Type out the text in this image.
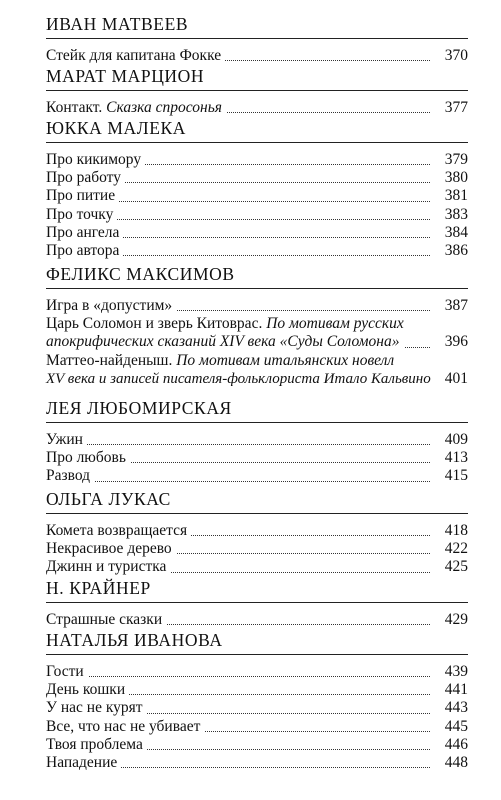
ИВАН МАТВЕЕВ
Стейк для капитана Фокке	370
МАРАТ МАРЦИОН
Контакт. Сказка спросонья	377
ЮККА МАЛЕКА
Про кикимору	379
Про работу	380
Про питие	381
Про точку	383
Про ангела	384
Про автора	386
ФЕЛИКС МАКСИМОВ
Игра в «допустим»	387
Царь Соломон и зверь Китоврас. По мотивам русских
апокрифических сказаний XIV века «Суды Соломона»	396
Маттео-найденыш. По мотивам итальянских новелл
XV века и записей писателя-фольклориста Итало Кальвино 401
ЛЕЯ ЛЮБОМИРСКАЯ
Ужин	409
Про любовь	413
Развод	415
ОЛЬГА ЛУКАС
Комета возвращается	418
Некрасивое дерево	422
Джинн и туристка	425
Н. КРАЙНЕР
Страшные сказки	429
НАТАЛЬЯ ИВАНОВА
Гости	439
День кошки	441
У нас не курят	443
Все, что нас не убивает	445
Твоя проблема	446
Нападение	448
